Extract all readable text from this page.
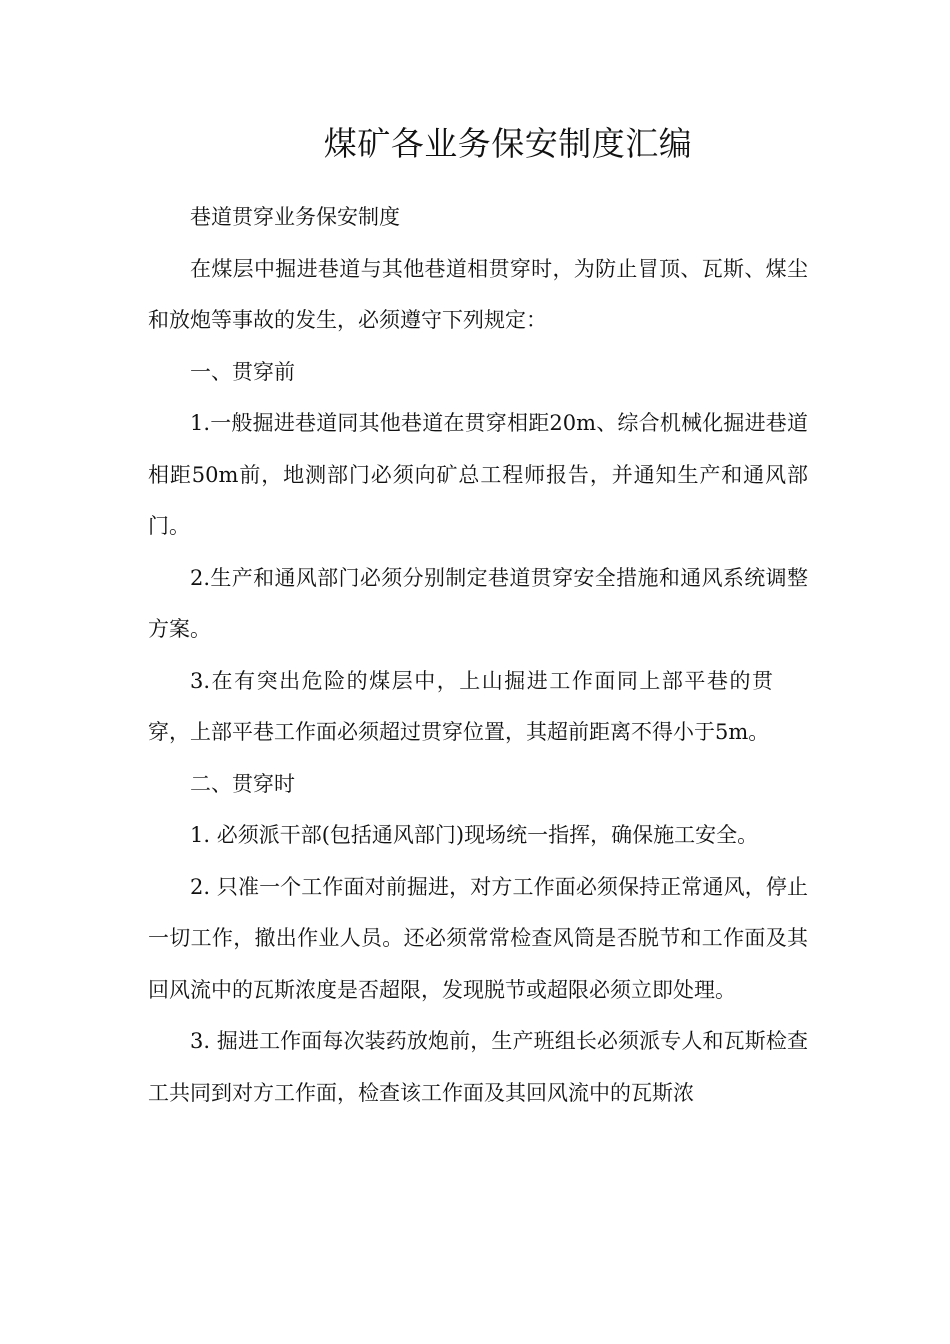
煤矿各业务保安制度汇编

巷道贯穿业务保安制度

在煤层中掘进巷道与其他巷道相贯穿时，为防止冒顶、瓦斯、煤尘和放炮等事故的发生，必须遵守下列规定：

一、贯穿前

1.一般掘进巷道同其他巷道在贯穿相距20m、综合机械化掘进巷道相距50m前，地测部门必须向矿总工程师报告，并通知生产和通风部门。

2.生产和通风部门必须分别制定巷道贯穿安全措施和通风系统调整方案。

3.在有突出危险的煤层中，上山掘进工作面同上部平巷的贯穿，上部平巷工作面必须超过贯穿位置，其超前距离不得小于5m。

二、贯穿时

1. 必须派干部(包括通风部门)现场统一指挥，确保施工安全。

2. 只准一个工作面对前掘进，对方工作面必须保持正常通风，停止一切工作，撤出作业人员。还必须常常检查风筒是否脱节和工作面及其回风流中的瓦斯浓度是否超限，发现脱节或超限必须立即处理。

3. 掘进工作面每次装药放炮前，生产班组长必须派专人和瓦斯检查工共同到对方工作面，检查该工作面及其回风流中的瓦斯浓
